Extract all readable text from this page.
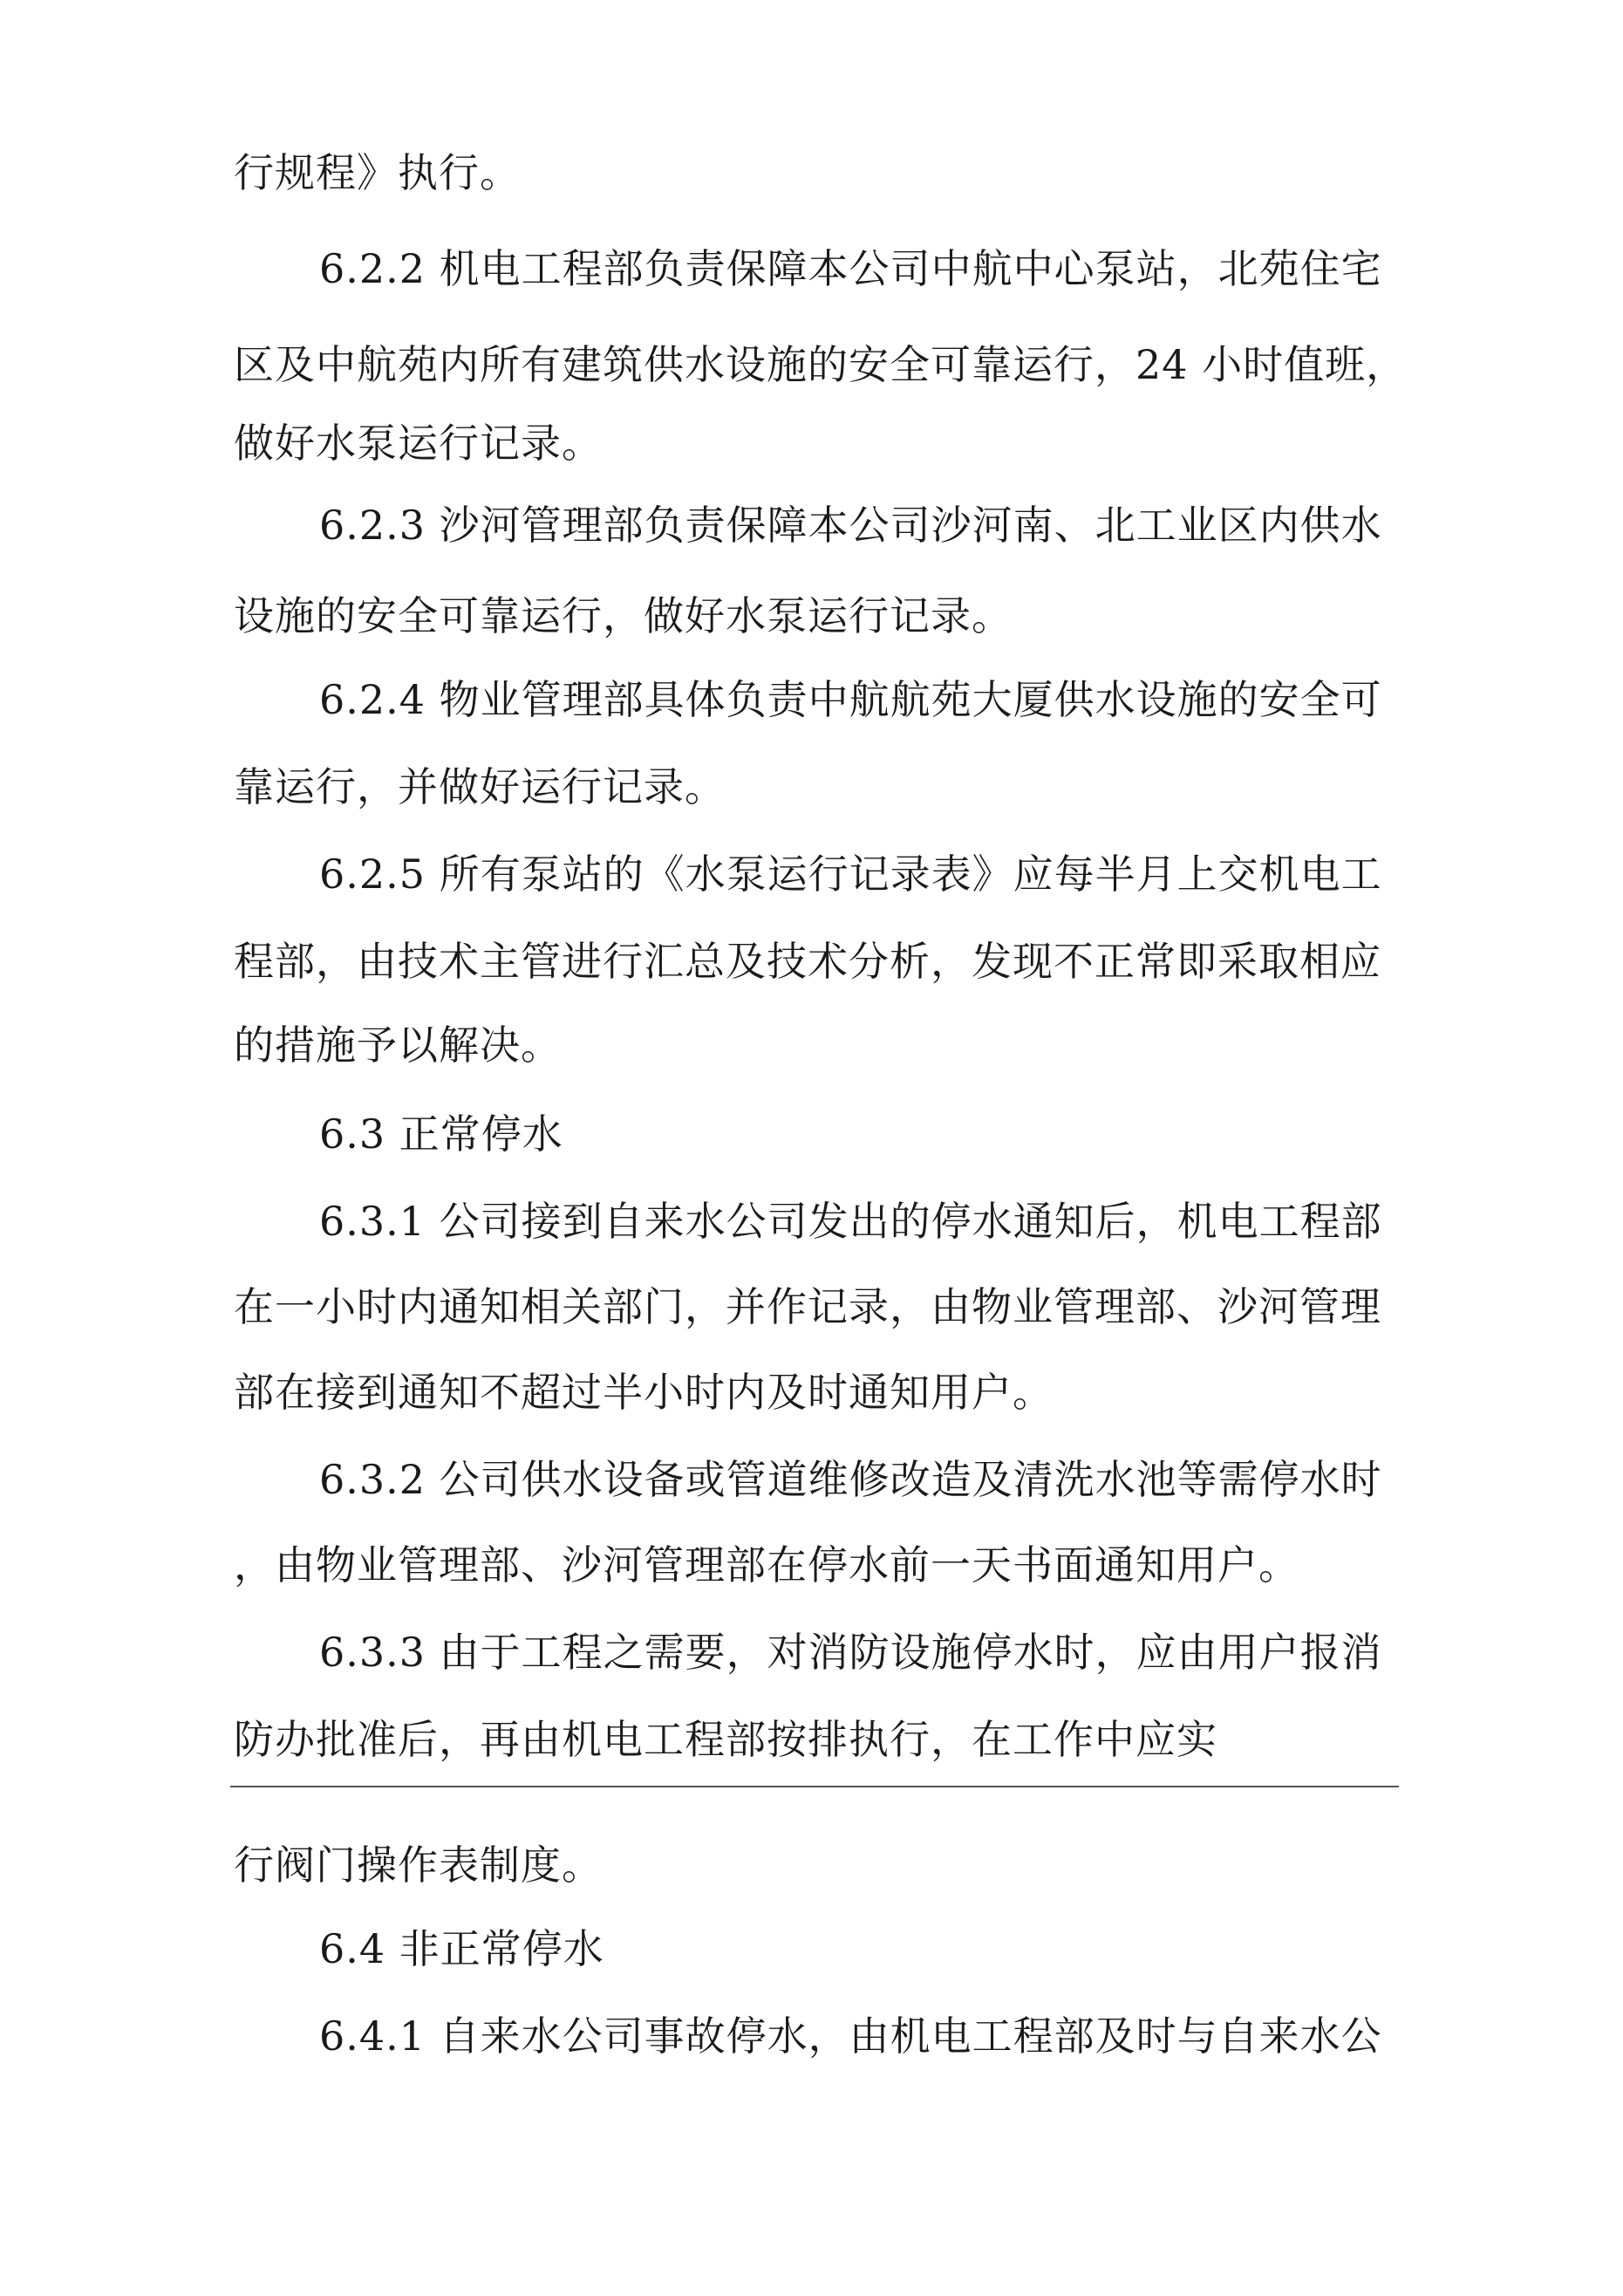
行规程》执行。
6.2.2 机电工程部负责保障本公司中航中心泵站，北苑住宅
区及中航苑内所有建筑供水设施的安全可靠运行，24 小时值班，
做好水泵运行记录。
6.2.3 沙河管理部负责保障本公司沙河南、北工业区内供水
设施的安全可靠运行，做好水泵运行记录。
6.2.4 物业管理部具体负责中航航苑大厦供水设施的安全可
靠运行，并做好运行记录。
6.2.5 所有泵站的《水泵运行记录表》应每半月上交机电工
程部，由技术主管进行汇总及技术分析，发现不正常即采取相应
的措施予以解决。
6.3 正常停水
6.3.1 公司接到自来水公司发出的停水通知后，机电工程部
在一小时内通知相关部门，并作记录，由物业管理部、沙河管理
部在接到通知不超过半小时内及时通知用户。
6.3.2 公司供水设备或管道维修改造及清洗水池等需停水时
，由物业管理部、沙河管理部在停水前一天书面通知用户。
6.3.3 由于工程之需要，对消防设施停水时，应由用户报消
防办批准后，再由机电工程部按排执行，在工作中应实
行阀门操作表制度。
6.4 非正常停水
6.4.1 自来水公司事故停水，由机电工程部及时与自来水公
